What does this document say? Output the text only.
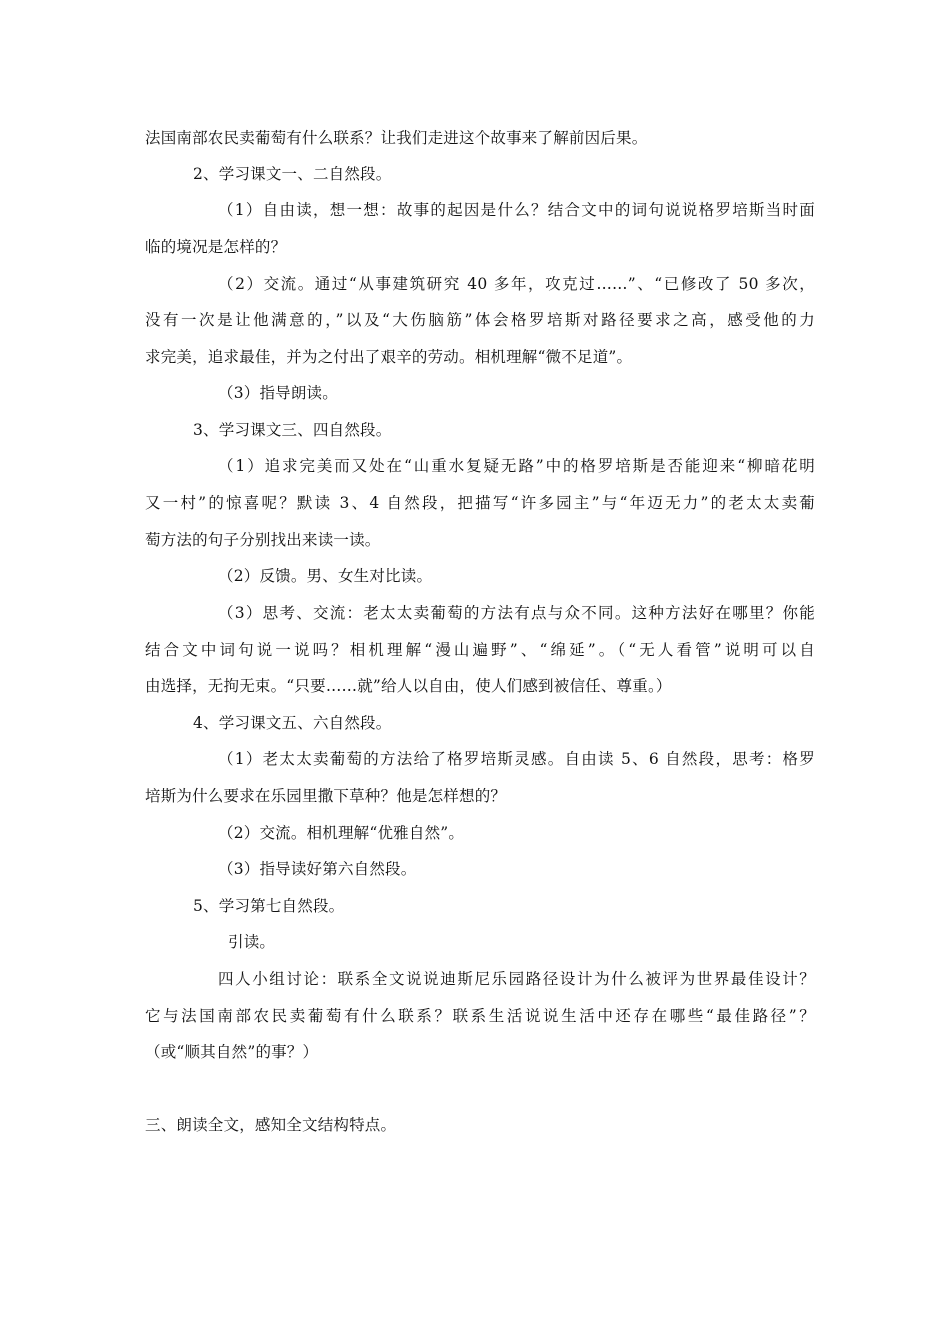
法国南部农民卖葡萄有什么联系？让我们走进这个故事来了解前因后果。
2、学习课文一、二自然段。
（1）自由读，想一想：故事的起因是什么？结合文中的词句说说格罗培斯当时面
临的境况是怎样的？
（2）交流。通过“从事建筑研究 40 多年，攻克过……”、“已修改了 50 多次，
没有一次是让他满意的，”以及“大伤脑筋”体会格罗培斯对路径要求之高，感受他的力
求完美，追求最佳，并为之付出了艰辛的劳动。相机理解“微不足道”。
（3）指导朗读。
3、学习课文三、四自然段。
（1）追求完美而又处在“山重水复疑无路”中的格罗培斯是否能迎来“柳暗花明
又一村”的惊喜呢？默读 3、4 自然段，把描写“许多园主”与“年迈无力”的老太太卖葡
萄方法的句子分别找出来读一读。
（2）反馈。男、女生对比读。
（3）思考、交流：老太太卖葡萄的方法有点与众不同。这种方法好在哪里？你能
结合文中词句说一说吗？相机理解“漫山遍野”、“绵延”。（“无人看管”说明可以自
由选择，无拘无束。“只要……就”给人以自由，使人们感到被信任、尊重。）
4、学习课文五、六自然段。
（1）老太太卖葡萄的方法给了格罗培斯灵感。自由读 5、6 自然段，思考：格罗
培斯为什么要求在乐园里撒下草种？他是怎样想的？
（2）交流。相机理解“优雅自然”。
（3）指导读好第六自然段。
5、学习第七自然段。
引读。
四人小组讨论：联系全文说说迪斯尼乐园路径设计为什么被评为世界最佳设计？
它与法国南部农民卖葡萄有什么联系？联系生活说说生活中还存在哪些“最佳路径”？
（或“顺其自然”的事？）
三、朗读全文，感知全文结构特点。
